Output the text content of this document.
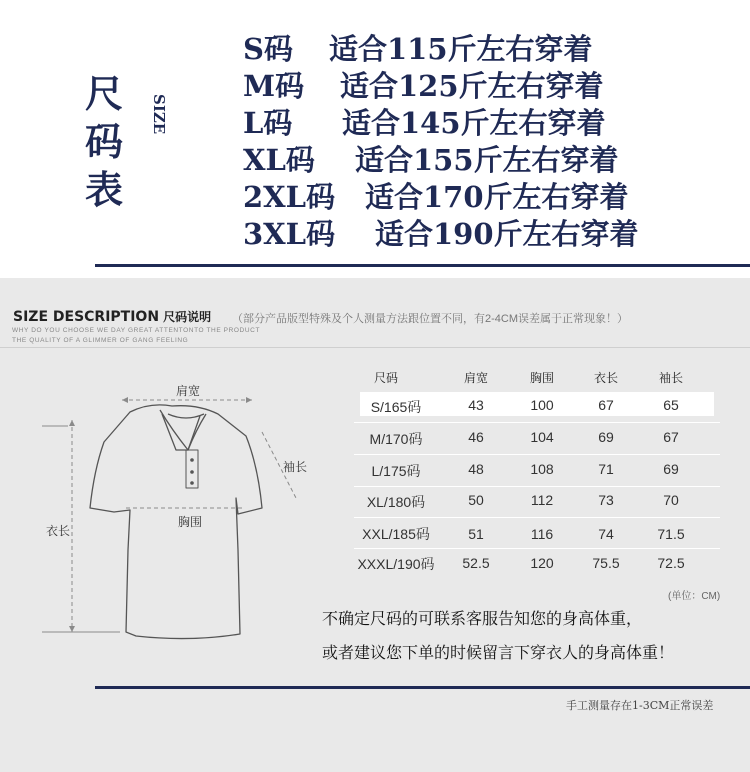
尺码表
SIZE
S码 适合115斤左右穿着
M码 适合125斤左右穿着
L码 适合145斤左右穿着
XL码 适合155斤左右穿着
2XL码 适合170斤左右穿着
3XL码 适合190斤左右穿着
SIZE DESCRIPTION 尺码说明 （部分产品版型特殊及个人测量方法跟位置不同，有2-4CM误差属于正常现象！）
WHY DO YOU CHOOSE WE DAY GREAT ATTENTONTO THE PRODUCT
THE QUALITY OF A GLIMMER OF GANG FEELING
肩宽
袖长
胸围
衣长
尺码	肩宽	胸围	衣长	袖长
S/165码	43	100	67	65
M/170码	46	104	69	67
L/175码	48	108	71	69
XL/180码	50	112	73	70
XXL/185码	51	116	74	71.5
XXXL/190码 52.5	120	75.5	72.5
(单位：CM)
不确定尺码的可联系客服告知您的身高体重，
或者建议您下单的时候留言下穿衣人的身高体重！
手工测量存在1-3CM正常误差
